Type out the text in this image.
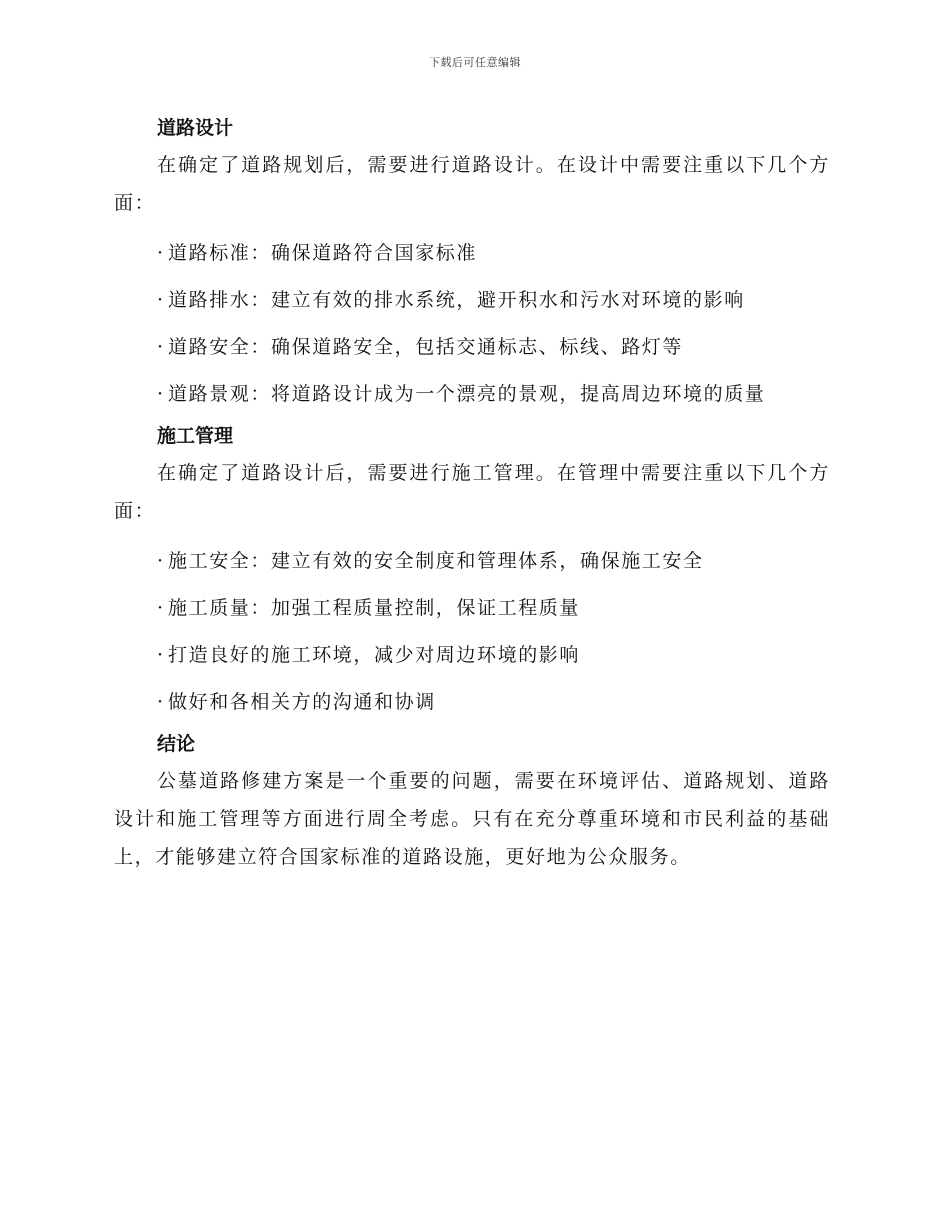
下载后可任意编辑
道路设计

在确定了道路规划后，需要进行道路设计。在设计中需要注重以下几个方面：

· 道路标准：确保道路符合国家标准
· 道路排水：建立有效的排水系统，避开积水和污水对环境的影响
· 道路安全：确保道路安全，包括交通标志、标线、路灯等
· 道路景观：将道路设计成为一个漂亮的景观，提高周边环境的质量
施工管理

在确定了道路设计后，需要进行施工管理。在管理中需要注重以下几个方面：

· 施工安全：建立有效的安全制度和管理体系，确保施工安全
· 施工质量：加强工程质量控制，保证工程质量
· 打造良好的施工环境，减少对周边环境的影响
· 做好和各相关方的沟通和协调
结论

公墓道路修建方案是一个重要的问题，需要在环境评估、道路规划、道路设计和施工管理等方面进行周全考虑。只有在充分尊重环境和市民利益的基础上，才能够建立符合国家标准的道路设施，更好地为公众服务。
